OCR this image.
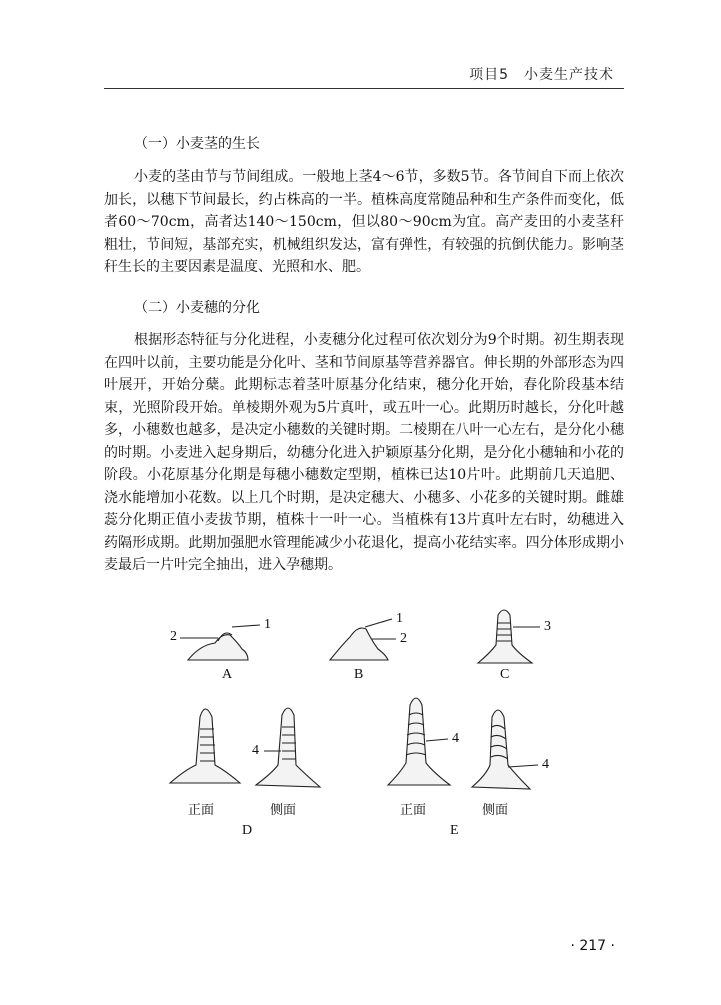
项目5　小麦生产技术
（一）小麦茎的生长

小麦的茎由节与节间组成。一般地上茎4～6节，多数5节。各节间自下而上依次加长，以穗下节间最长，约占株高的一半。植株高度常随品种和生产条件而变化，低者60～70cm，高者达140～150cm，但以80～90cm为宜。高产麦田的小麦茎秆粗壮，节间短，基部充实，机械组织发达，富有弹性，有较强的抗倒伏能力。影响茎秆生长的主要因素是温度、光照和水、肥。

（二）小麦穗的分化

根据形态特征与分化进程，小麦穗分化过程可依次划分为9个时期。初生期表现在四叶以前，主要功能是分化叶、茎和节间原基等营养器官。伸长期的外部形态为四叶展开，开始分蘖。此期标志着茎叶原基分化结束，穗分化开始，春化阶段基本结束，光照阶段开始。单棱期外观为5片真叶，或五叶一心。此期历时越长，分化叶越多，小穗数也越多，是决定小穗数的关键时期。二棱期在八叶一心左右，是分化小穗的时期。小麦进入起身期后，幼穗分化进入护颖原基分化期，是分化小穗轴和小花的阶段。小花原基分化期是每穗小穗数定型期，植株已达10片叶。此期前几天追肥、浇水能增加小花数。以上几个时期，是决定穗大、小穗多、小花多的关键时期。雌雄蕊分化期正值小麦拔节期，植株十一叶一心。当植株有13片真叶左右时，幼穗进入药隔形成期。此期加强肥水管理能减少小花退化，提高小花结实率。四分体形成期小麦最后一片叶完全抽出，进入孕穗期。

A	B	C
D	E
1
2
1
2
3
4
4
4
正面	侧面	正面	侧面
· 217 ·
